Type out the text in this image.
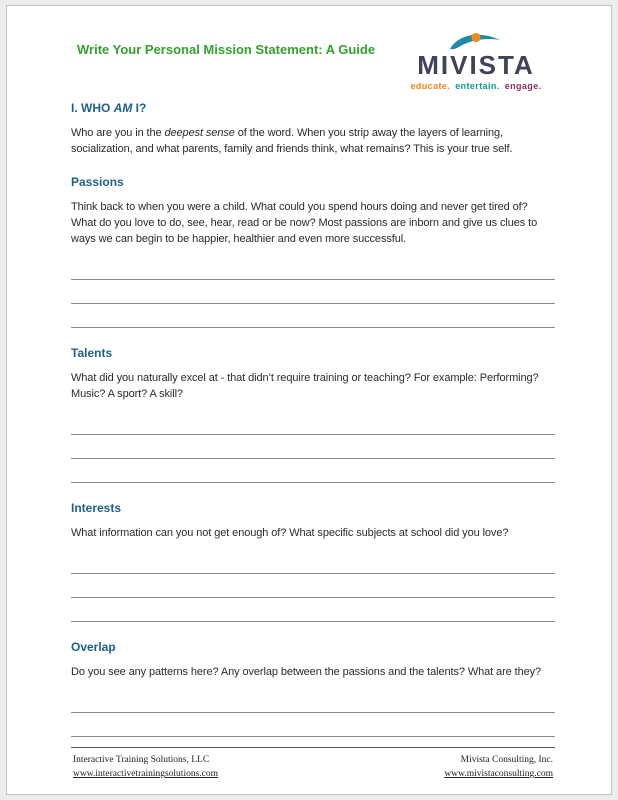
Write Your Personal Mission Statement: A Guide
MIVISTA
educate. entertain. engage.
I. WHO AM I?

Who are you in the deepest sense of the word. When you strip away the layers of learning, socialization, and what parents, family and friends think, what remains? This is your true self.

Passions

Think back to when you were a child. What could you spend hours doing and never get tired of? What do you love to do, see, hear, read or be now? Most passions are inborn and give us clues to ways we can begin to be happier, healthier and even more successful.

Talents

What did you naturally excel at - that didn’t require training or teaching? For example: Performing? Music? A sport? A skill?

Interests

What information can you not get enough of? What specific subjects at school did you love?

Overlap

Do you see any patterns here? Any overlap between the passions and the talents? What are they?

Interactive Training Solutions, LLC
www.interactivetrainingsolutions.com
Mivista Consulting, Inc.
www.mivistaconsulting.com
